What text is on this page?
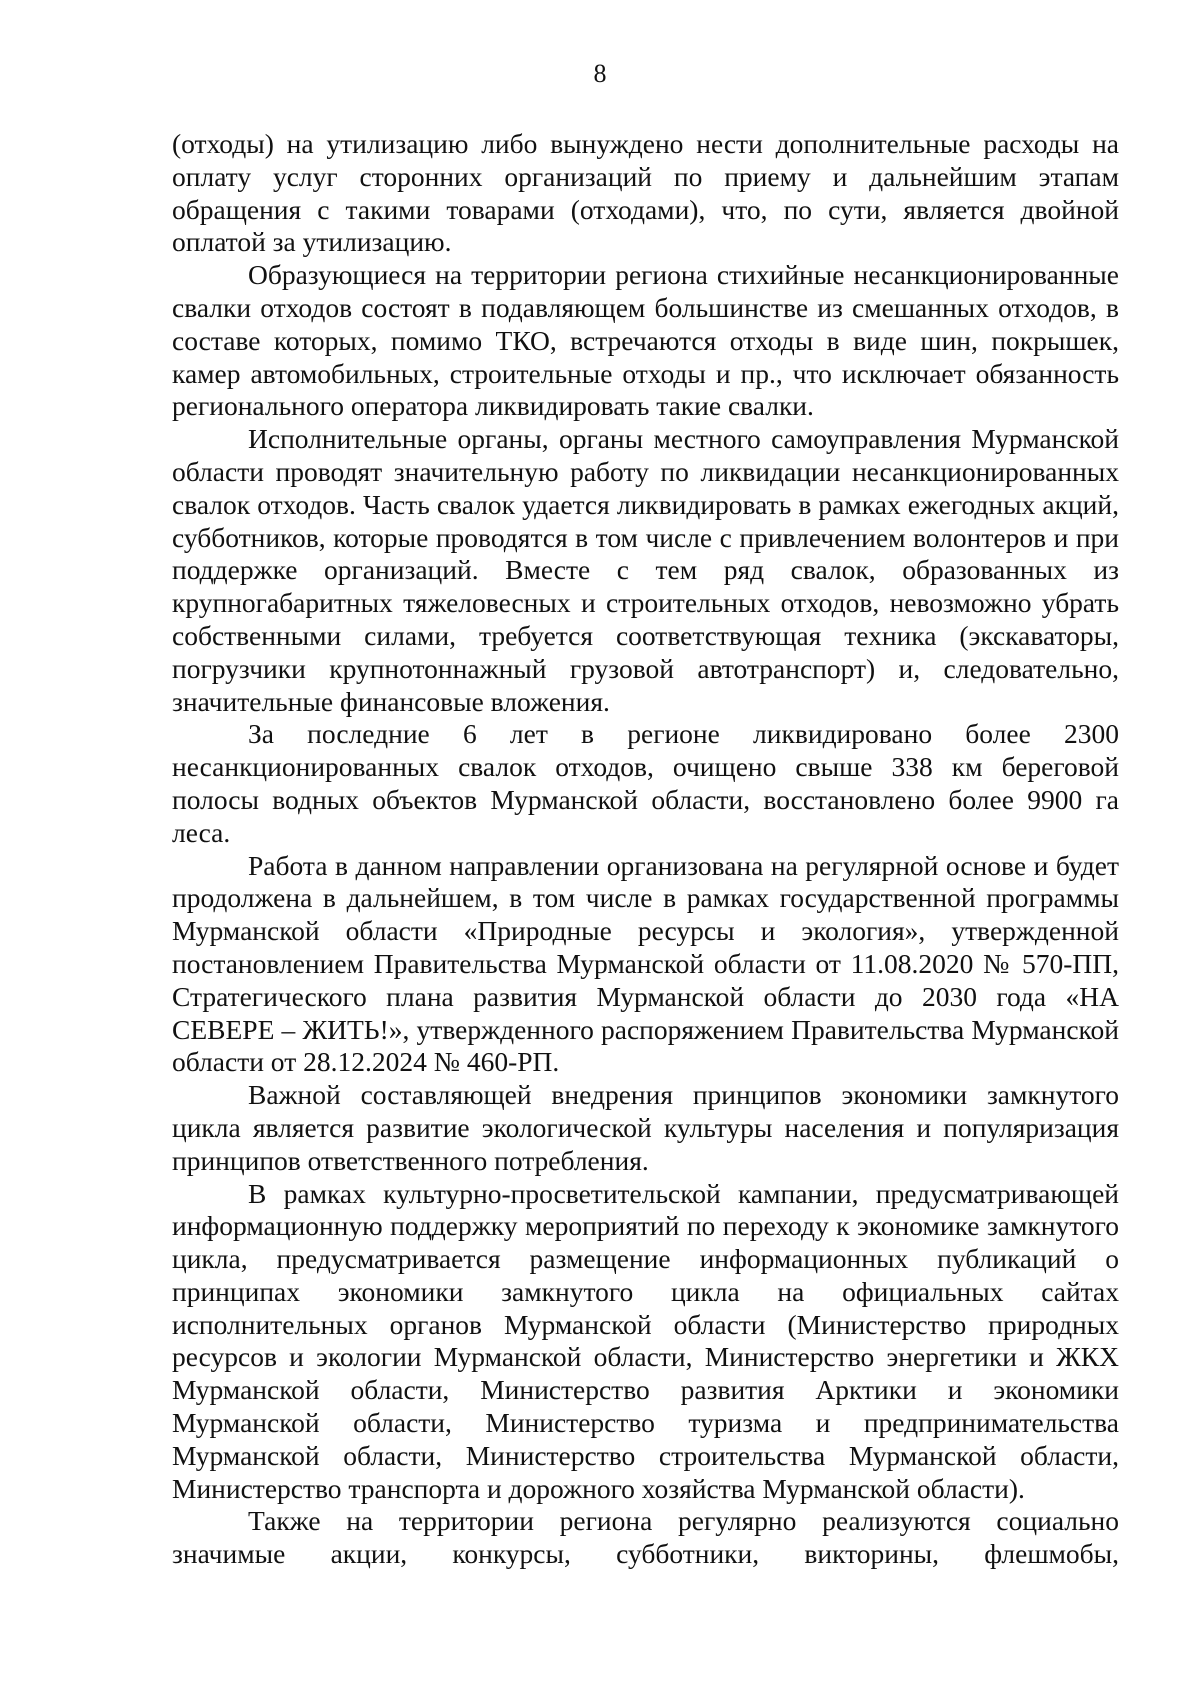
8

(отходы) на утилизацию либо вынуждено нести дополнительные расходы на оплату услуг сторонних организаций по приему и дальнейшим этапам обращения с такими товарами (отходами), что, по сути, является двойной оплатой за утилизацию.

Образующиеся на территории региона стихийные несанкционированные свалки отходов состоят в подавляющем большинстве из смешанных отходов, в составе которых, помимо ТКО, встречаются отходы в виде шин, покрышек, камер автомобильных, строительные отходы и пр., что исключает обязанность регионального оператора ликвидировать такие свалки.

Исполнительные органы, органы местного самоуправления Мурманской области проводят значительную работу по ликвидации несанкционированных свалок отходов. Часть свалок удается ликвидировать в рамках ежегодных акций, субботников, которые проводятся в том числе с привлечением волонтеров и при поддержке организаций. Вместе с тем ряд свалок, образованных из крупногабаритных тяжеловесных и строительных отходов, невозможно убрать собственными силами, требуется соответствующая техника (экскаваторы, погрузчики крупнотоннажный грузовой автотранспорт) и, следовательно, значительные финансовые вложения.

За последние 6 лет в регионе ликвидировано более 2300 несанкционированных свалок отходов, очищено свыше 338 км береговой полосы водных объектов Мурманской области, восстановлено более 9900 га леса.

Работа в данном направлении организована на регулярной основе и будет продолжена в дальнейшем, в том числе в рамках государственной программы Мурманской области «Природные ресурсы и экология», утвержденной постановлением Правительства Мурманской области от 11.08.2020 № 570-ПП, Стратегического плана развития Мурманской области до 2030 года «НА СЕВЕРЕ – ЖИТЬ!», утвержденного распоряжением Правительства Мурманской области от 28.12.2024 № 460-РП.

Важной составляющей внедрения принципов экономики замкнутого цикла является развитие экологической культуры населения и популяризация принципов ответственного потребления.

В рамках культурно-просветительской кампании, предусматривающей информационную поддержку мероприятий по переходу к экономике замкнутого цикла, предусматривается размещение информационных публикаций о принципах экономики замкнутого цикла на официальных сайтах исполнительных органов Мурманской области (Министерство природных ресурсов и экологии Мурманской области, Министерство энергетики и ЖКХ Мурманской области, Министерство развития Арктики и экономики Мурманской области, Министерство туризма и предпринимательства Мурманской области, Министерство строительства Мурманской области, Министерство транспорта и дорожного хозяйства Мурманской области).

Также на территории региона регулярно реализуются социально значимые акции, конкурсы, субботники, викторины, флешмобы,
